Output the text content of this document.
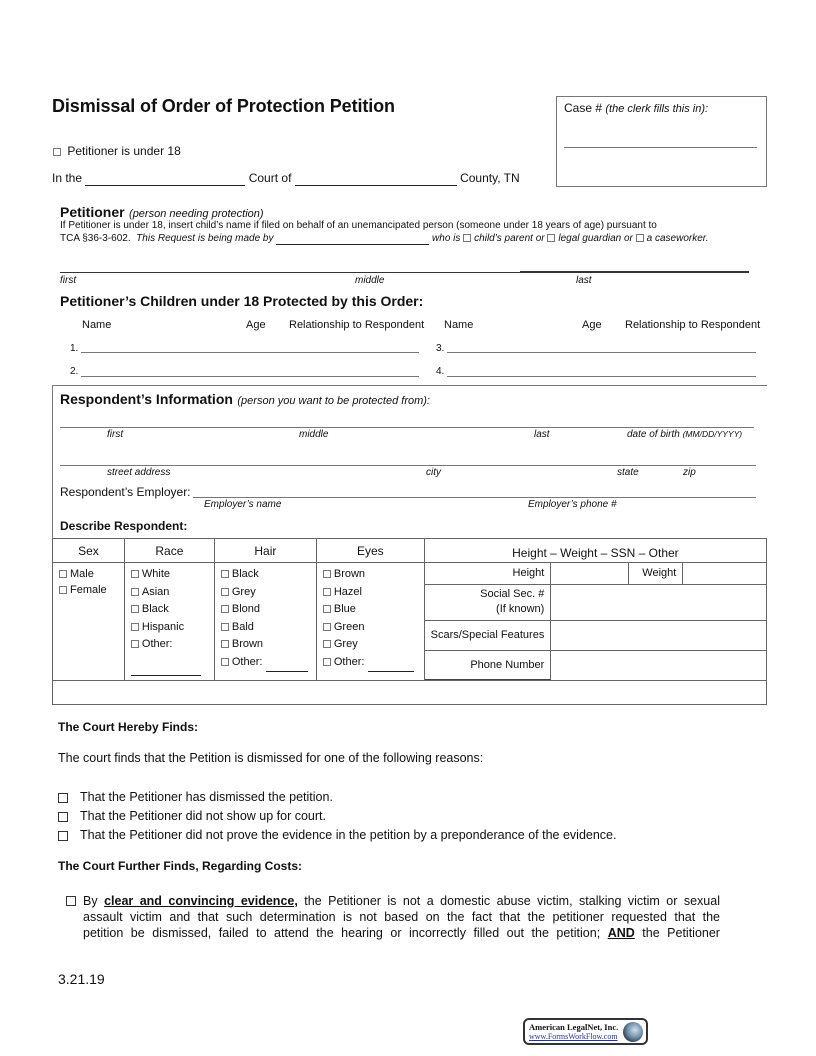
Dismissal of Order of Protection Petition	Case # (the clerk fills this in):
Petitioner is under 18
In the	Court of	County, TN
Petitioner (person needing protection)
If Petitioner is under 18, insert child’s name if filed on behalf of an unemancipated person (someone under 18 years of age) pursuant to
TCA §36-3-602. This Request is being made by	who is child’s parent or legal guardian or a caseworker.
first	middle	last
Petitioner’s Children under 18 Protected by this Order:
Name	Age Relationship to Respondent Name	Age Relationship to Respondent
1.
2.
3.
4.
Respondent’s Information (person you want to be protected from):
first	middle	last	date of birth (MM/DD/YYYY)
street address	city	state	zip
Respondent’s Employer:
Employer’s name	Employer’s phone #
Describe Respondent:
Sex	Race	Hair	Eyes	Height – Weight – SSN – Other

Male
Female

White
Asian
Black
Hispanic
Other:

Black
Grey
Blond
Bald
Brown
Other:

Brown
Hazel
Blue
Green
Grey
Other:

Height		Weight	

Social Sec. #
(If known)

Scars/Special Features	
Phone Number	

The Court Hereby Finds:
The court finds that the Petition is dismissed for one of the following reasons:
That the Petitioner has dismissed the petition.
That the Petitioner did not show up for court.
That the Petitioner did not prove the evidence in the petition by a preponderance of the evidence.
The Court Further Finds, Regarding Costs:
By clear and convincing evidence, the Petitioner is not a domestic abuse victim, stalking victim or sexual
assault victim and that such determination is not based on the fact that the petitioner requested that the
petition be dismissed, failed to attend the hearing or incorrectly filled out the petition; AND the Petitioner
3.21.19
American LegalNet, Inc.
www.FormsWorkFlow.com
